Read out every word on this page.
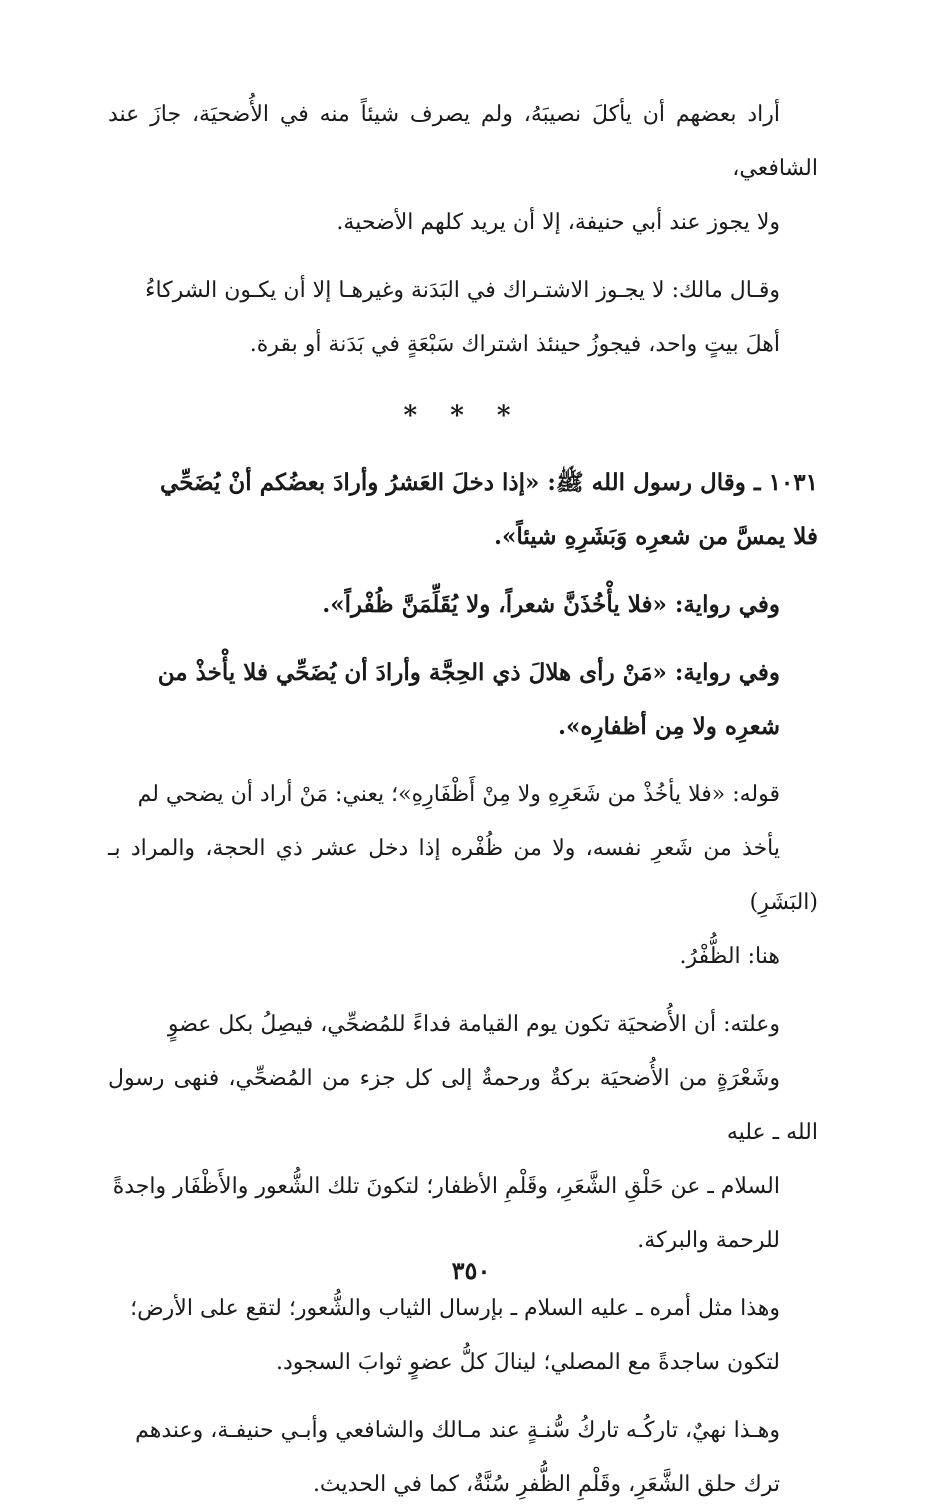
أراد بعضهم أن يأكلَ نصيبَهُ، ولم يصرف شيئاً منه في الأُضحيَة، جازَ عند الشافعي،
ولا يجوز عند أبي حنيفة، إلا أن يريد كلهم الأضحية.

وقـال مالك: لا يجـوز الاشتـراك في البَدَنة وغيرهـا إلا أن يكـون الشركاءُ
أهلَ بيتٍ واحد، فيجوزُ حينئذ اشتراك سَبْعَةٍ في بَدَنة أو بقرة.

* * *

١٠٣١ ـ وقال رسول الله ﷺ: «إذا دخلَ العَشرُ وأرادَ بعضُكم أنْ يُضَحِّي
فلا يمسَّ من شعرِه وَبَشَرِهِ شيئاً».

وفي رواية: «فلا يأْخُذَنَّ شعراً، ولا يُقَلِّمَنَّ ظُفْراً».

وفي رواية: «مَنْ رأى هلالَ ذي الحِجَّة وأرادَ أن يُضَحِّي فلا يأْخذْ من
شعرِه ولا مِن أظفارِه».

قوله: «فلا يأخُذْ من شَعَرِهِ ولا مِنْ أَظْفَارِهِ»؛ يعني: مَنْ أراد أن يضحي لم
يأخذ من شَعرِ نفسه، ولا من ظُفْره إذا دخل عشر ذي الحجة، والمراد بـ (البَشَرِ)
هنا: الظُّفْرُ.

وعلته: أن الأُضحيَة تكون يوم القيامة فداءً للمُضحِّي، فيصِلُ بكل عضوٍ
وشَعْرَةٍ من الأُضحيَة بركةٌ ورحمةٌ إلى كل جزء من المُضحِّي، فنهى رسول الله ـ عليه
السلام ـ عن حَلْقِ الشَّعَرِ، وقَلْمِ الأظفار؛ لتكونَ تلك الشُّعور والأَظْفَار واجدةً
للرحمة والبركة.

وهذا مثل أمره ـ عليه السلام ـ بإرسال الثياب والشُّعور؛ لتقع على الأرض؛
لتكون ساجدةً مع المصلي؛ لينالَ كلُّ عضوٍ ثوابَ السجود.

وهـذا نهيٌ، تاركُـه تاركُ سُّنـةٍ عند مـالك والشافعي وأبـي حنيفـة، وعندهم
ترك حلق الشَّعَرِ، وقَلْمِ الظُّفرِ سُنَّةٌ، كما في الحديث.

٣٥٠
